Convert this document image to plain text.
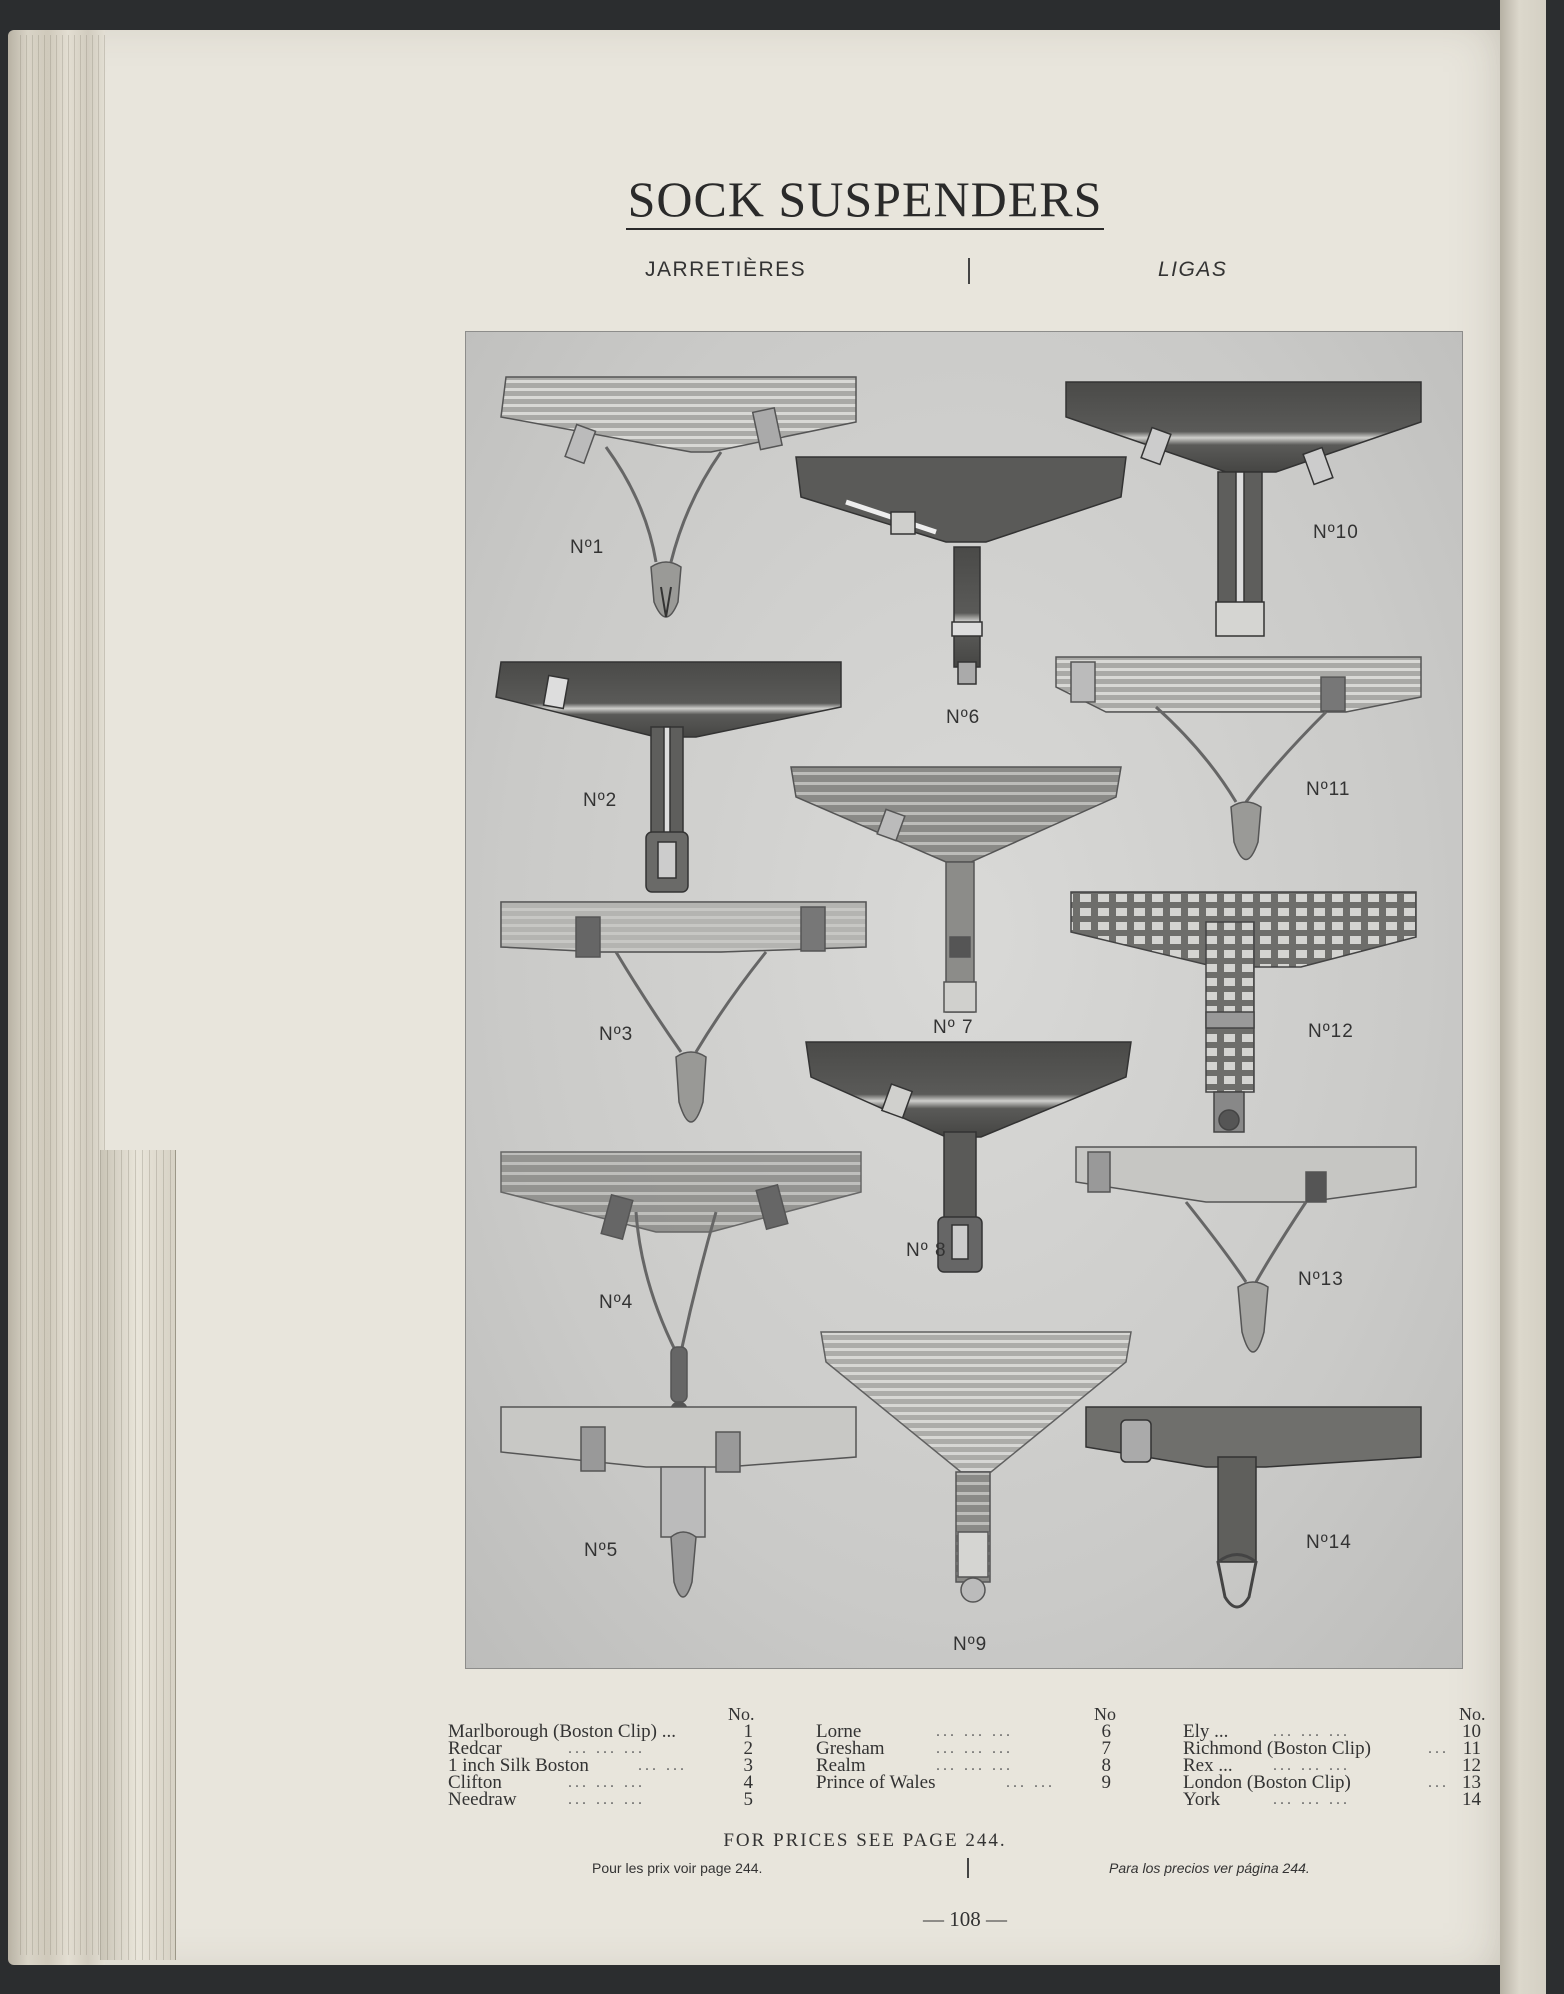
SOCK SUSPENDERS
JARRETIÈRES	LIGAS
Nº1
Nº2
Nº3
Nº4
Nº5
Nº6
Nº 7
Nº 8
Nº9
Nº10
Nº11
Nº12
Nº13
Nº14
No.
Marlborough (Boston Clip) ...	1
Redcar	... ... ...	2
1 inch Silk Boston	... ...	3
Clifton	... ... ...	4
Needraw	... ... ...	5
No
Lorne	... ... ...	6
Gresham	... ... ...	7
Realm	... ... ...	8
Prince of Wales	... ...	9
No.
Ely ...	... ... ...	10
Richmond (Boston Clip)	... 11
Rex ...	... ... ...	12
London (Boston Clip)	... 13
York	... ... ...	14
FOR PRICES SEE PAGE 244.
Pour les prix voir page 244.	Para los precios ver página 244.
— 108 —
